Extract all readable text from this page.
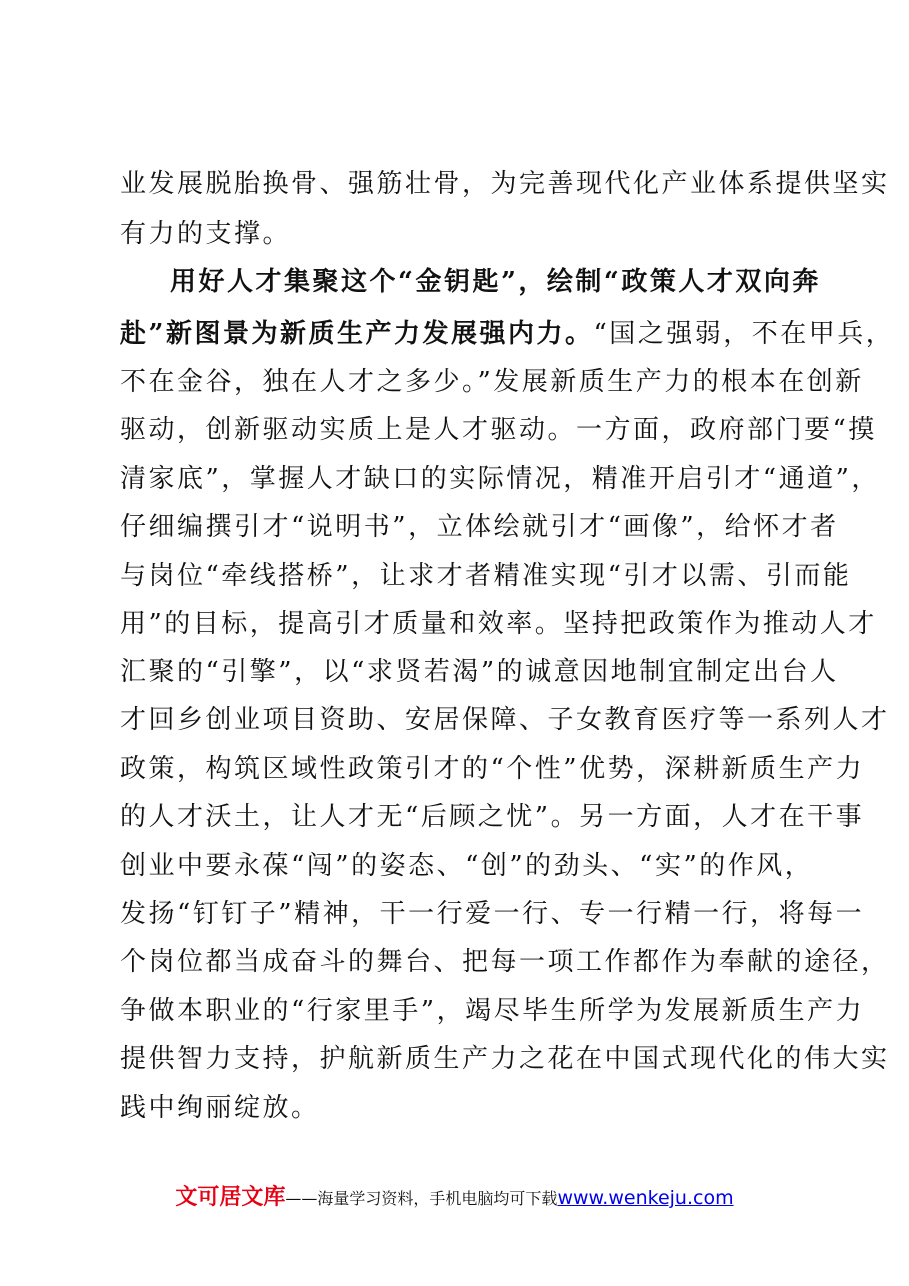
业发展脱胎换骨、强筋壮骨，为完善现代化产业体系提供坚实
有力的支撑。
用好人才集聚这个“金钥匙”，绘制“政策人才双向奔
赴”新图景为新质生产力发展强内力。 “国之强弱，不在甲兵，
不在金谷，独在人才之多少。”发展新质生产力的根本在创新
驱动，创新驱动实质上是人才驱动。一方面，政府部门要“摸
清家底”，掌握人才缺口的实际情况，精准开启引才“通道”，
仔细编撰引才“说明书”，立体绘就引才“画像”，给怀才者
与岗位“牵线搭桥”，让求才者精准实现“引才以需、引而能
用”的目标，提高引才质量和效率。坚持把政策作为推动人才
汇聚的“引擎”，以“求贤若渴”的诚意因地制宜制定出台人
才回乡创业项目资助、安居保障、子女教育医疗等一系列人才
政策，构筑区域性政策引才的“个性”优势，深耕新质生产力
的人才沃土，让人才无“后顾之忧”。另一方面，人才在干事
创业中要永葆“闯”的姿态、“创”的劲头、“实”的作风，
发扬“钉钉子”精神，干一行爱一行、专一行精一行，将每一
个岗位都当成奋斗的舞台、把每一项工作都作为奉献的途径，
争做本职业的“行家里手”，竭尽毕生所学为发展新质生产力
提供智力支持，护航新质生产力之花在中国式现代化的伟大实
践中绚丽绽放。
文可居文库——海量学习资料，手机电脑均可下载www.wenkeju.com
